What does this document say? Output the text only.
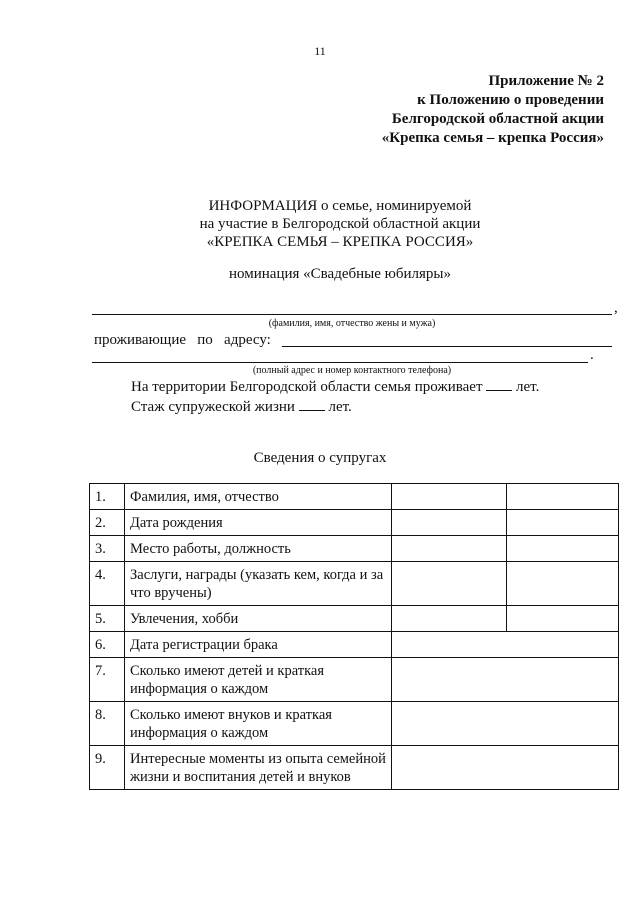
11
Приложение № 2
к Положению о проведении
Белгородской областной акции
«Крепка семья – крепка Россия»
ИНФОРМАЦИЯ о семье, номинируемой
на участие в Белгородской областной акции
«КРЕПКА СЕМЬЯ – КРЕПКА РОССИЯ»
номинация «Свадебные юбиляры»
,
(фамилия, имя, отчество жены и мужа)
проживающие   по   адресу:
.
(полный адрес и номер контактного телефона)
На территории Белгородской области семья проживает лет.
Стаж супружеской жизни лет.
Сведения о супругах
1.	Фамилия, имя, отчество		
2.	Дата рождения		
3.	Место работы, должность		
4.	Заслуги, награды (указать кем, когда и за что вручены)		
5.	Увлечения, хобби		
6.	Дата регистрации брака		
7.	Сколько имеют детей и краткая информация о каждом		
8.	Сколько имеют внуков и краткая информация о каждом		
9.	Интересные моменты из опыта семейной жизни и воспитания детей и внуков		
